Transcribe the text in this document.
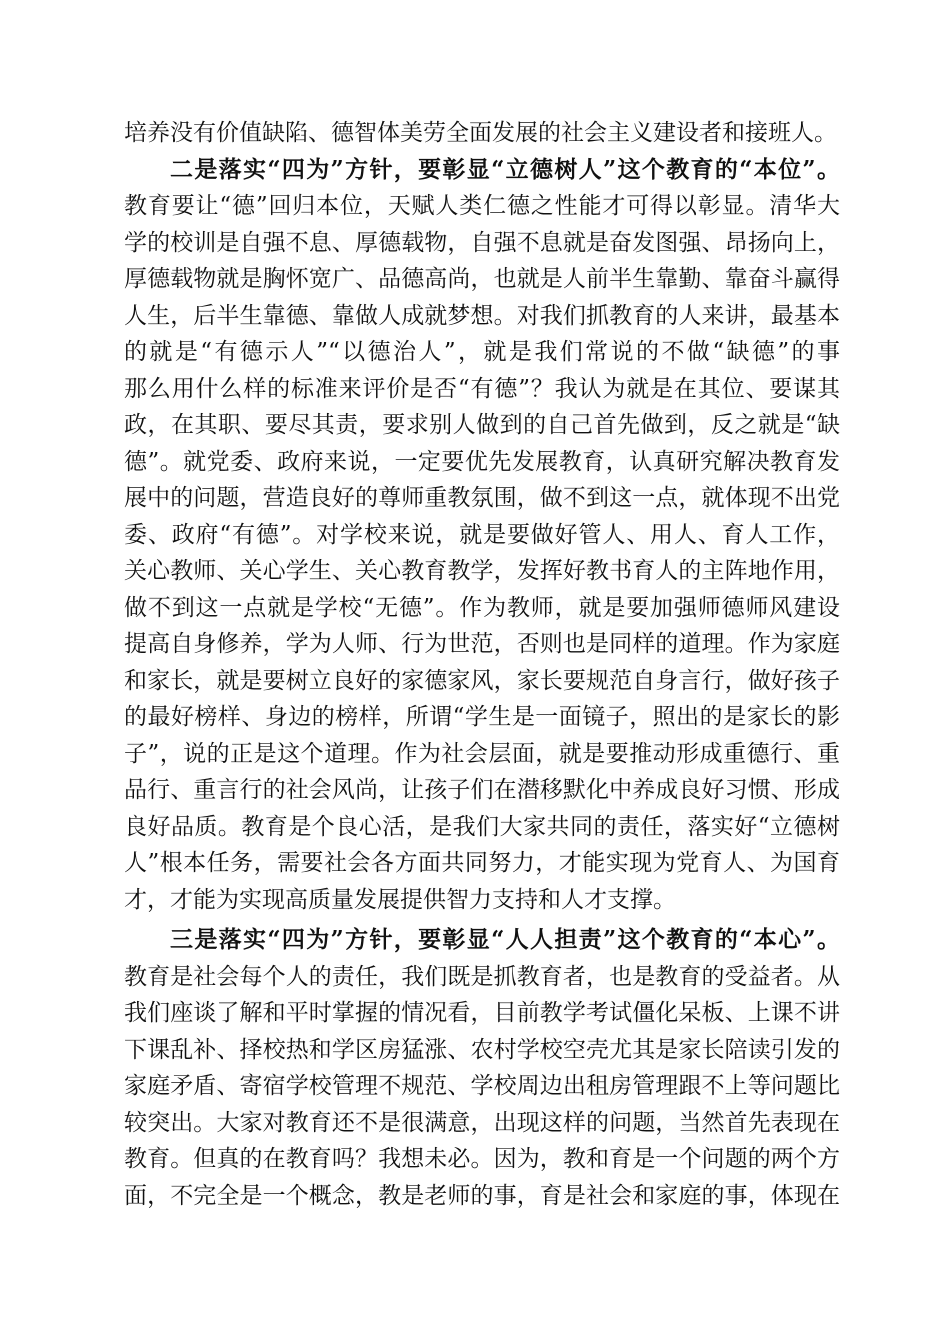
培养没有价值缺陷、德智体美劳全面发展的社会主义建设者和接班人。
二是落实“四为”方针，要彰显“立德树人”这个教育的“本位”。
教育要让“德”回归本位，天赋人类仁德之性能才可得以彰显。清华大
学的校训是自强不息、厚德载物，自强不息就是奋发图强、昂扬向上，
厚德载物就是胸怀宽广、品德高尚，也就是人前半生靠勤、靠奋斗赢得
人生，后半生靠德、靠做人成就梦想。对我们抓教育的人来讲，最基本
的就是“有德示人”“以德治人”，就是我们常说的不做“缺德”的事
那么用什么样的标准来评价是否“有德”？我认为就是在其位、要谋其
政，在其职、要尽其责，要求别人做到的自己首先做到，反之就是“缺
德”。就党委、政府来说，一定要优先发展教育，认真研究解决教育发
展中的问题，营造良好的尊师重教氛围，做不到这一点，就体现不出党
委、政府“有德”。对学校来说，就是要做好管人、用人、育人工作，
关心教师、关心学生、关心教育教学，发挥好教书育人的主阵地作用，
做不到这一点就是学校“无德”。作为教师，就是要加强师德师风建设
提高自身修养，学为人师、行为世范，否则也是同样的道理。作为家庭
和家长，就是要树立良好的家德家风，家长要规范自身言行，做好孩子
的最好榜样、身边的榜样，所谓“学生是一面镜子，照出的是家长的影
子”，说的正是这个道理。作为社会层面，就是要推动形成重德行、重
品行、重言行的社会风尚，让孩子们在潜移默化中养成良好习惯、形成
良好品质。教育是个良心活，是我们大家共同的责任，落实好“立德树
人”根本任务，需要社会各方面共同努力，才能实现为党育人、为国育
才，才能为实现高质量发展提供智力支持和人才支撑。
三是落实“四为”方针，要彰显“人人担责”这个教育的“本心”。
教育是社会每个人的责任，我们既是抓教育者，也是教育的受益者。从
我们座谈了解和平时掌握的情况看，目前教学考试僵化呆板、上课不讲
下课乱补、择校热和学区房猛涨、农村学校空壳尤其是家长陪读引发的
家庭矛盾、寄宿学校管理不规范、学校周边出租房管理跟不上等问题比
较突出。大家对教育还不是很满意，出现这样的问题，当然首先表现在
教育。但真的在教育吗？我想未必。因为，教和育是一个问题的两个方
面，不完全是一个概念，教是老师的事，育是社会和家庭的事，体现在
